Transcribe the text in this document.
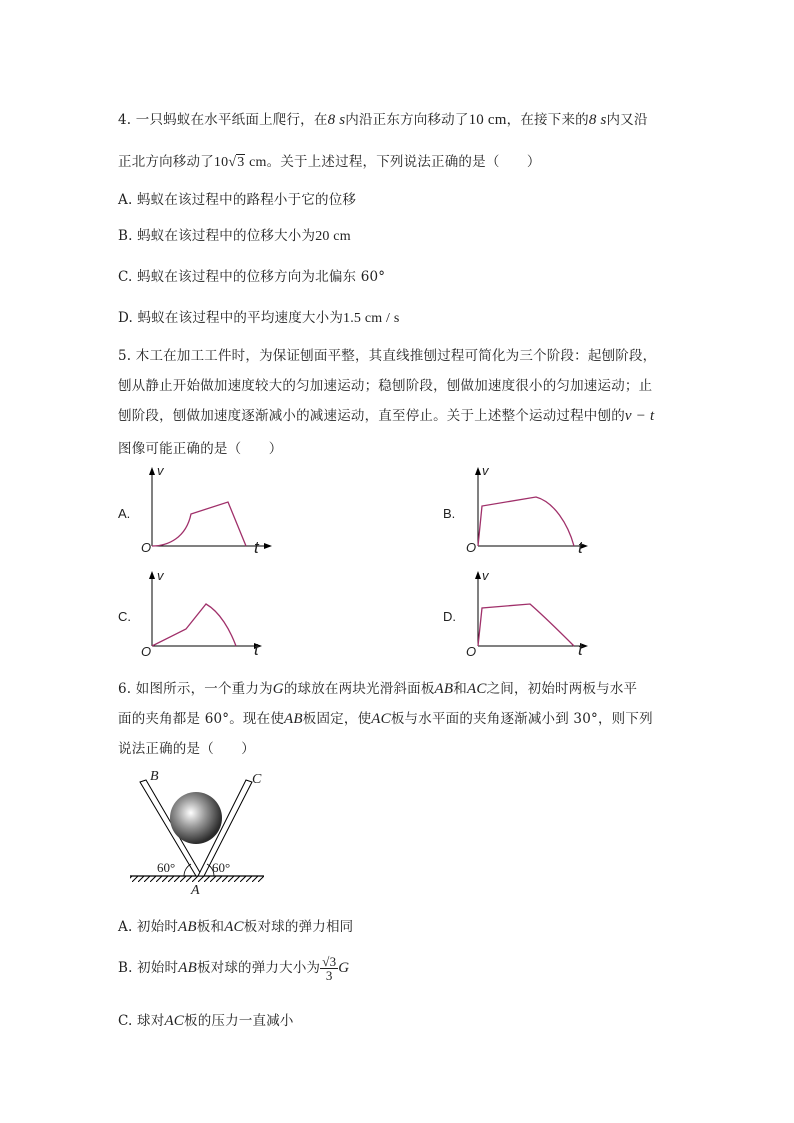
4. 一只蚂蚁在水平纸面上爬行，在8 s内沿正东方向移动了10 cm，在接下来的8 s内又沿
正北方向移动了10√3 cm。关于上述过程，下列说法正确的是（　　）
A. 蚂蚁在该过程中的路程小于它的位移
B. 蚂蚁在该过程中的位移大小为20 cm
C. 蚂蚁在该过程中的位移方向为北偏东 60°
D. 蚂蚁在该过程中的平均速度大小为1.5 cm / s
5. 木工在加工工件时，为保证刨面平整，其直线推刨过程可简化为三个阶段：起刨阶段，
刨从静止开始做加速度较大的匀加速运动；稳刨阶段，刨做加速度很小的匀加速运动；止
刨阶段，刨做加速度逐渐减小的减速运动，直至停止。关于上述整个运动过程中刨的v − t
图像可能正确的是（　　）
A.
v
t
O
B.
v
t
O
C.
v
t
O
D.
v
t
O
6. 如图所示，一个重力为G的球放在两块光滑斜面板AB和AC之间，初始时两板与水平
面的夹角都是 60°。现在使AB板固定，使AC板与水平面的夹角逐渐减小到 30°，则下列
说法正确的是（　　）
B	C
60°	60°
A
A. 初始时AB板和AC板对球的弹力相同
B. 初始时AB板对球的弹力大小为 $\frac{√3}{3}$ G
C. 球对AC板的压力一直减小
